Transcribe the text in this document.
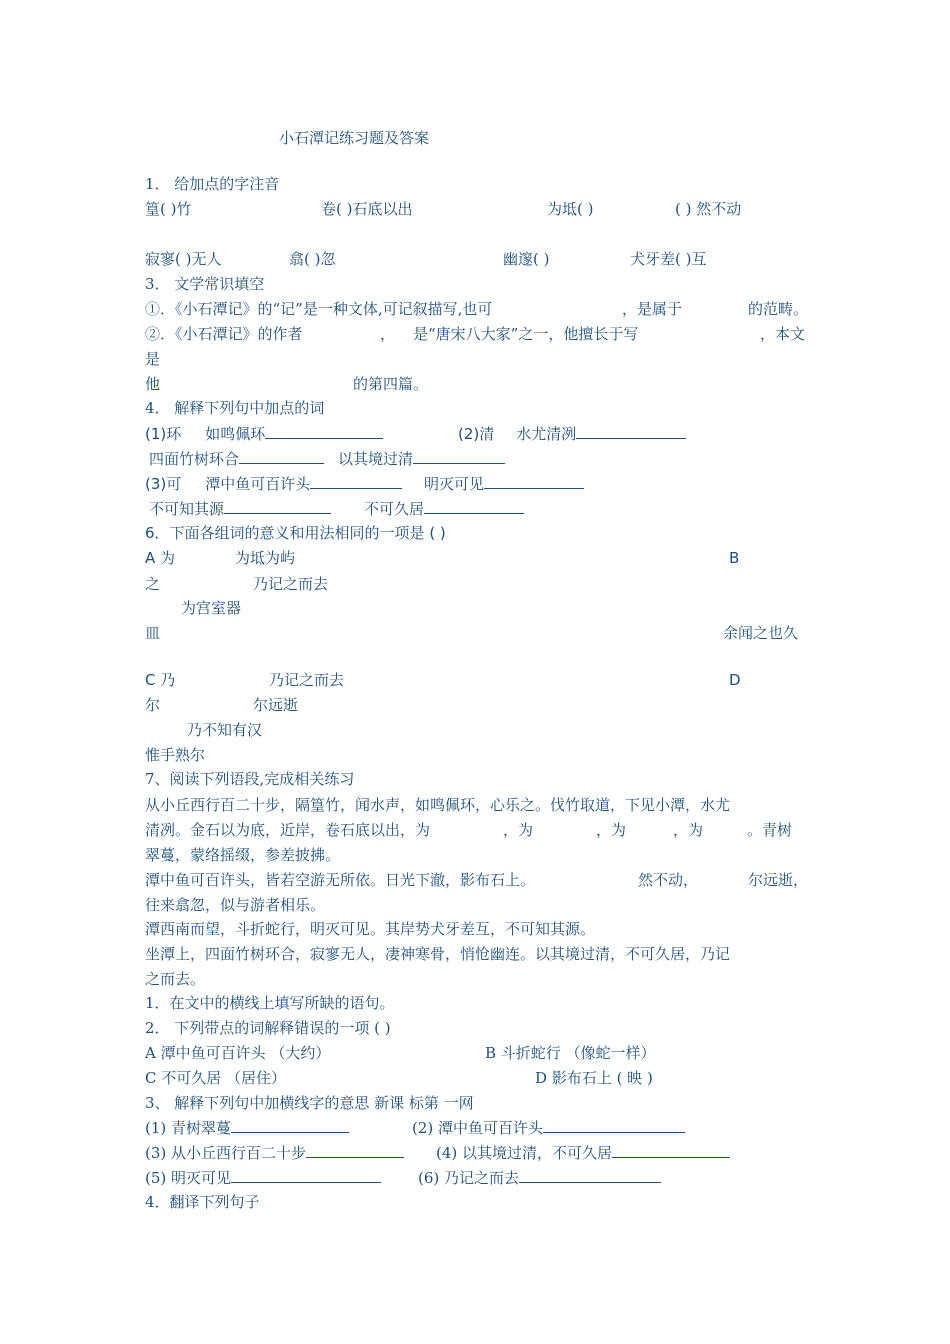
小石潭记练习题及答案
1． 给加点的字注音
篁( )竹	卷( )石底以出	为坻( )	( ) 然不动
寂寥( )无人	翕( )忽	幽邃( )	犬牙差( )互
3． 文学常识填空
①．《小石潭记》的“记”是一种文体,可记叙描写,也可	，是属于	的范畴。
②．《小石潭记》的作者	， 是“唐宋八大家”之一，他擅长于写	，本文
是
他	的第四篇。
4． 解释下列句中加点的词
(1)环 如鸣佩环	(2)清 水尤清冽
四面竹树环合	以其境过清
(3)可 潭中鱼可百许头	明灭可见
不可知其源	不可久居
6．下面各组词的意义和用法相同的一项是 ( )
A 为	为坻为屿	B
之	乃记之而去
为宫室器
皿	余闻之也久
C 乃	乃记之而去	D
尔	尔远逝
乃不知有汉
惟手熟尔
7、阅读下列语段,完成相关练习
从小丘西行百二十步，隔篁竹，闻水声，如鸣佩环，心乐之。伐竹取道，下见小潭，水尤
清冽。金石以为底，近岸，卷石底以出，为	，为	，为	，为	。青树
翠蔓，蒙络摇缀，参差披拂。
潭中鱼可百许头，皆若空游无所依。日光下澈，影布石上。	然不动，	尔远逝，
往来翕忽，似与游者相乐。
潭西南而望，斗折蛇行，明灭可见。其岸势犬牙差互，不可知其源。
坐潭上，四面竹树环合，寂寥无人，凄神寒骨，悄怆幽连。以其境过清，不可久居，乃记
之而去。
1．在文中的横线上填写所缺的语句。
2． 下列带点的词解释错误的一项 ( )
A 潭中鱼可百许头 （大约）	B 斗折蛇行 （像蛇一样）
C 不可久居 （居住）	D 影布石上 ( 映 )
3、 解释下列句中加横线字的意思 新课 标第 一网
(1) 青树翠蔓	(2) 潭中鱼可百许头
(3) 从小丘西行百二十步	(4) 以其境过清，不可久居
(5) 明灭可见	(6) 乃记之而去
4．翻译下列句子
